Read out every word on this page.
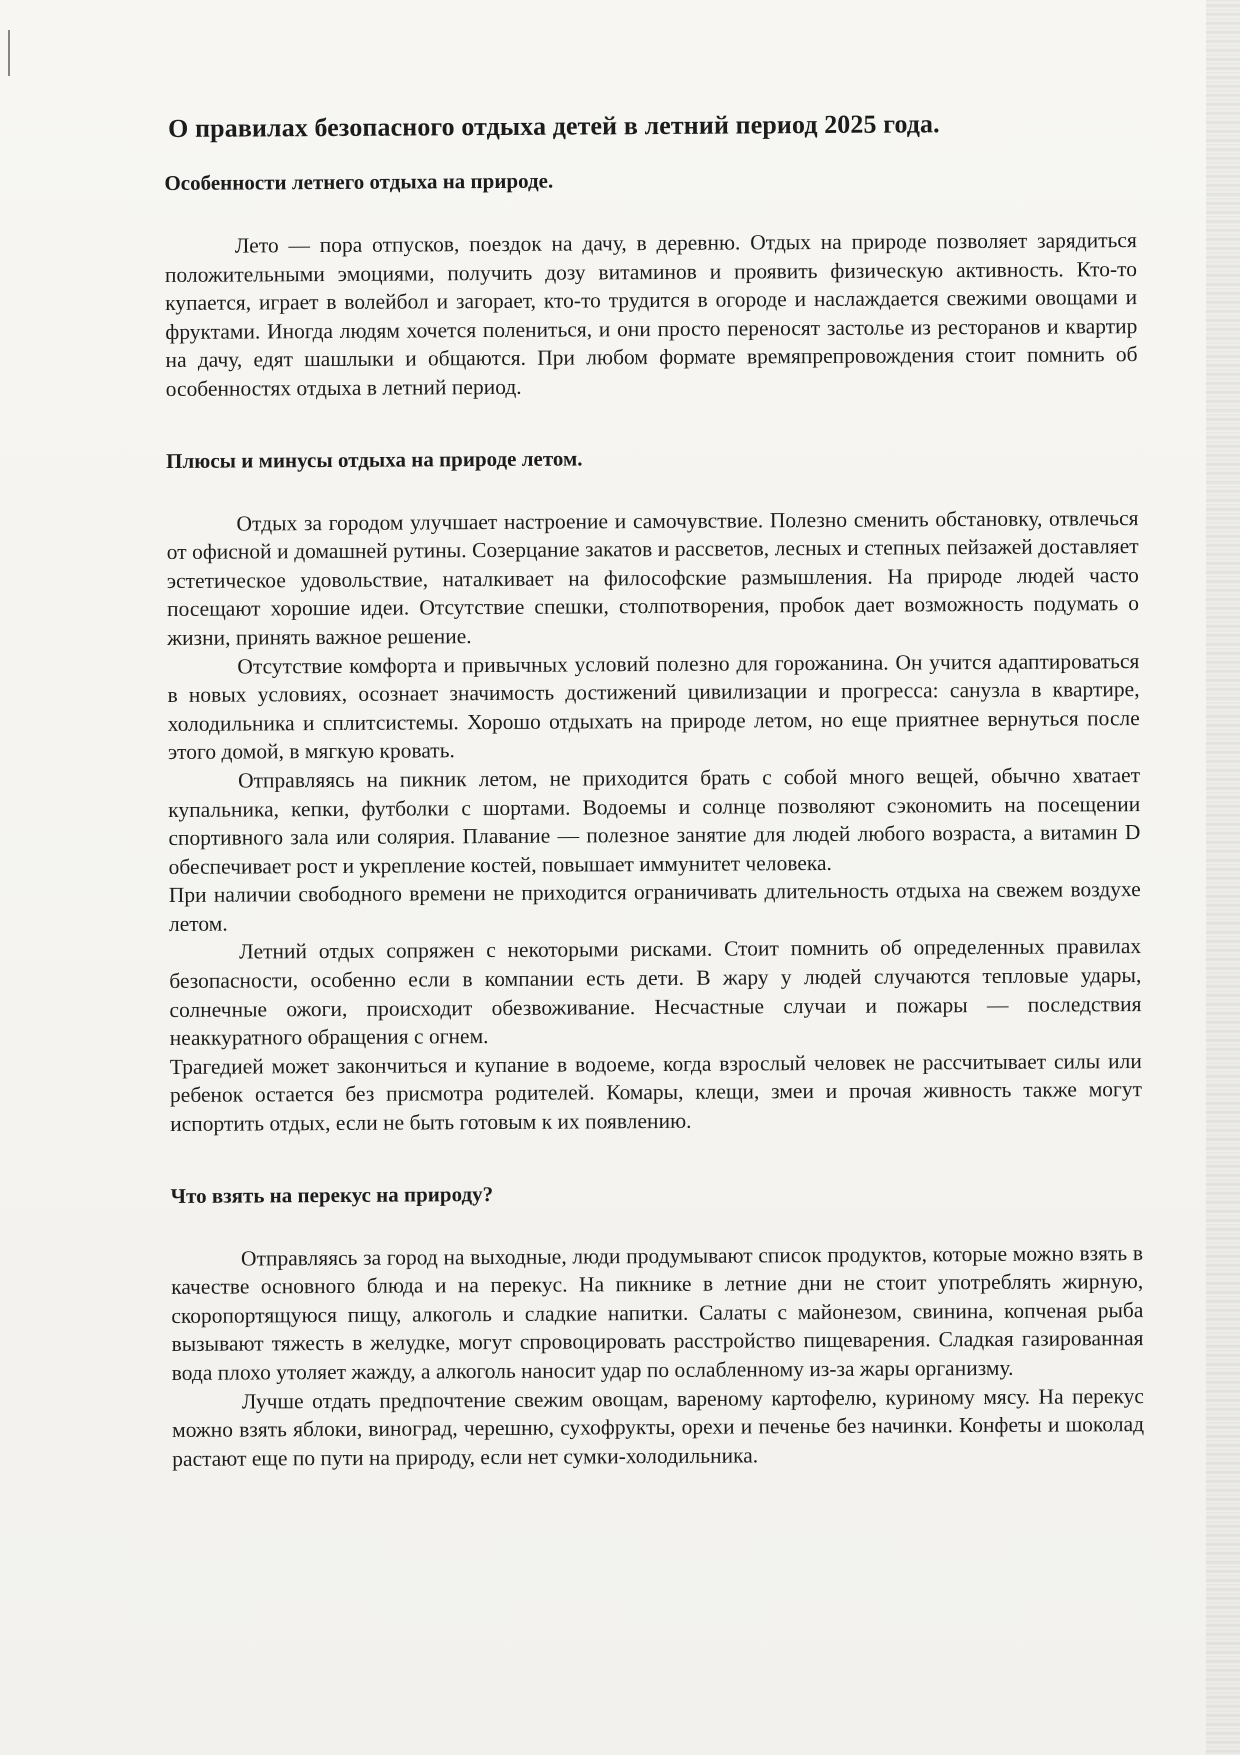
О правилах безопасного отдыха детей в летний период 2025 года.
Особенности летнего отдыха на природе.

Лето — пора отпусков, поездок на дачу, в деревню. Отдых на природе позволяет зарядиться положительными эмоциями, получить дозу витаминов и проявить физическую активность. Кто-то купается, играет в волейбол и загорает, кто-то трудится в огороде и наслаждается свежими овощами и фруктами. Иногда людям хочется полениться, и они просто переносят застолье из ресторанов и квартир на дачу, едят шашлыки и общаются. При любом формате времяпрепровождения стоит помнить об особенностях отдыха в летний период.

Плюсы и минусы отдыха на природе летом.

Отдых за городом улучшает настроение и самочувствие. Полезно сменить обстановку, отвлечься от офисной и домашней рутины. Созерцание закатов и рассветов, лесных и степных пейзажей доставляет эстетическое удовольствие, наталкивает на философские размышления. На природе людей часто посещают хорошие идеи. Отсутствие спешки, столпотворения, пробок дает возможность подумать о жизни, принять важное решение.

Отсутствие комфорта и привычных условий полезно для горожанина. Он учится адаптироваться в новых условиях, осознает значимость достижений цивилизации и прогресса: санузла в квартире, холодильника и сплитсистемы. Хорошо отдыхать на природе летом, но еще приятнее вернуться после этого домой, в мягкую кровать.

Отправляясь на пикник летом, не приходится брать с собой много вещей, обычно хватает купальника, кепки, футболки с шортами. Водоемы и солнце позволяют сэкономить на посещении спортивного зала или солярия. Плавание — полезное занятие для людей любого возраста, а витамин D обеспечивает рост и укрепление костей, повышает иммунитет человека.

При наличии свободного времени не приходится ограничивать длительность отдыха на свежем воздухе летом.

Летний отдых сопряжен с некоторыми рисками. Стоит помнить об определенных правилах безопасности, особенно если в компании есть дети. В жару у людей случаются тепловые удары, солнечные ожоги, происходит обезвоживание. Несчастные случаи и пожары — последствия неаккуратного обращения с огнем.

Трагедией может закончиться и купание в водоеме, когда взрослый человек не рассчитывает силы или ребенок остается без присмотра родителей. Комары, клещи, змеи и прочая живность также могут испортить отдых, если не быть готовым к их появлению.

Что взять на перекус на природу?

Отправляясь за город на выходные, люди продумывают список продуктов, которые можно взять в качестве основного блюда и на перекус. На пикнике в летние дни не стоит употреблять жирную, скоропортящуюся пищу, алкоголь и сладкие напитки. Салаты с майонезом, свинина, копченая рыба вызывают тяжесть в желудке, могут спровоцировать расстройство пищеварения. Сладкая газированная вода плохо утоляет жажду, а алкоголь наносит удар по ослабленному из-за жары организму.

Лучше отдать предпочтение свежим овощам, вареному картофелю, куриному мясу. На перекус можно взять яблоки, виноград, черешню, сухофрукты, орехи и печенье без начинки. Конфеты и шоколад растают еще по пути на природу, если нет сумки-холодильника.
